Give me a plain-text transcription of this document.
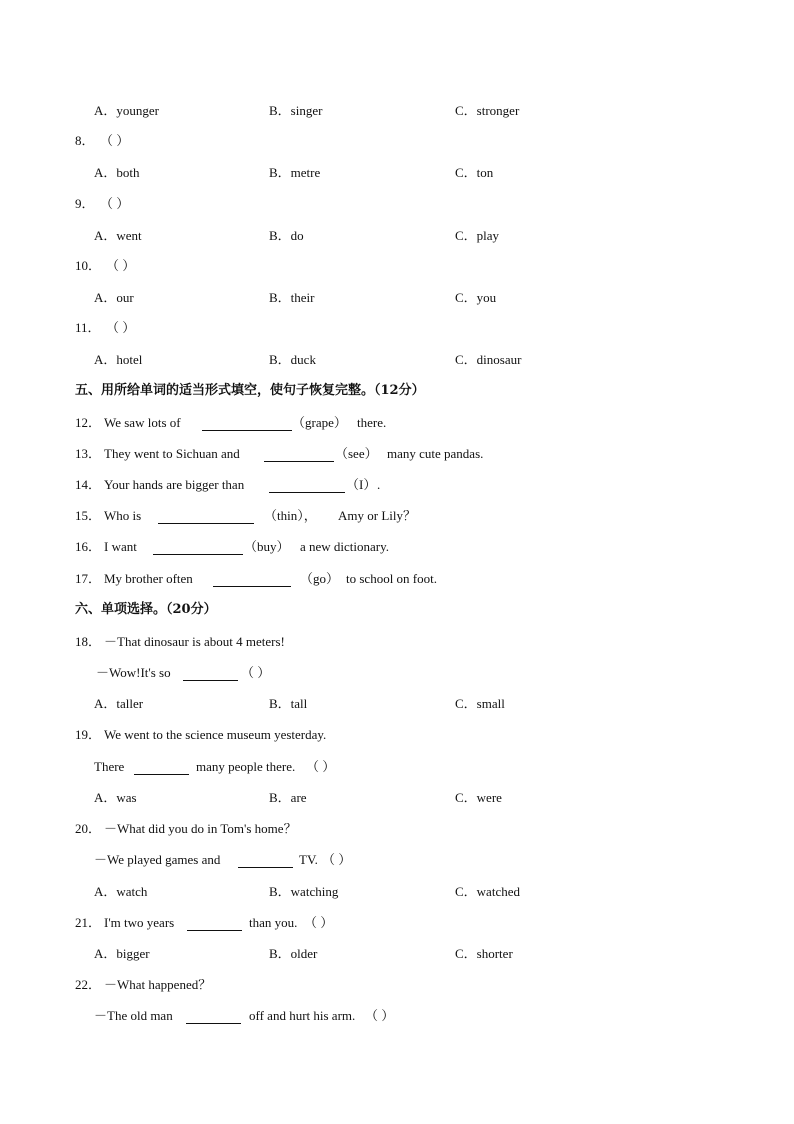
A．younger	B．singer	C．stronger
8． （ ）
A．both	B．metre	C．ton
9． （ ）
A．went	B．do	C．play
10． （ ）
A．our	B．their	C．you
11． （ ）
A．hotel	B．duck	C．dinosaur
五、用所给单词的适当形式填空，使句子恢复完整。（12分）
12． We saw lots of	（grape） there.
13． They went to Sichuan and	（see） many cute pandas.
14． Your hands are bigger than	（I） .
15． Who is	（thin）， Amy or Lily？
16． I want	（buy） a new dictionary.
17． My brother often	（go） to school on foot.
六、单项选择。（20分）
18． －That dinosaur is about 4 meters!
－Wow!It's so	（ ）
A．taller	B．tall	C．small
19． We went to the science museum yesterday.
There	many people there. （ ）
A．was	B．are	C．were
20． －What did you do in Tom's home？
－We played games and	TV. （ ）
A．watch	B．watching	C．watched
21． I'm two years	than you. （ ）
A．bigger	B．older	C．shorter
22． －What happened？
－The old man	off and hurt his arm. （ ）
